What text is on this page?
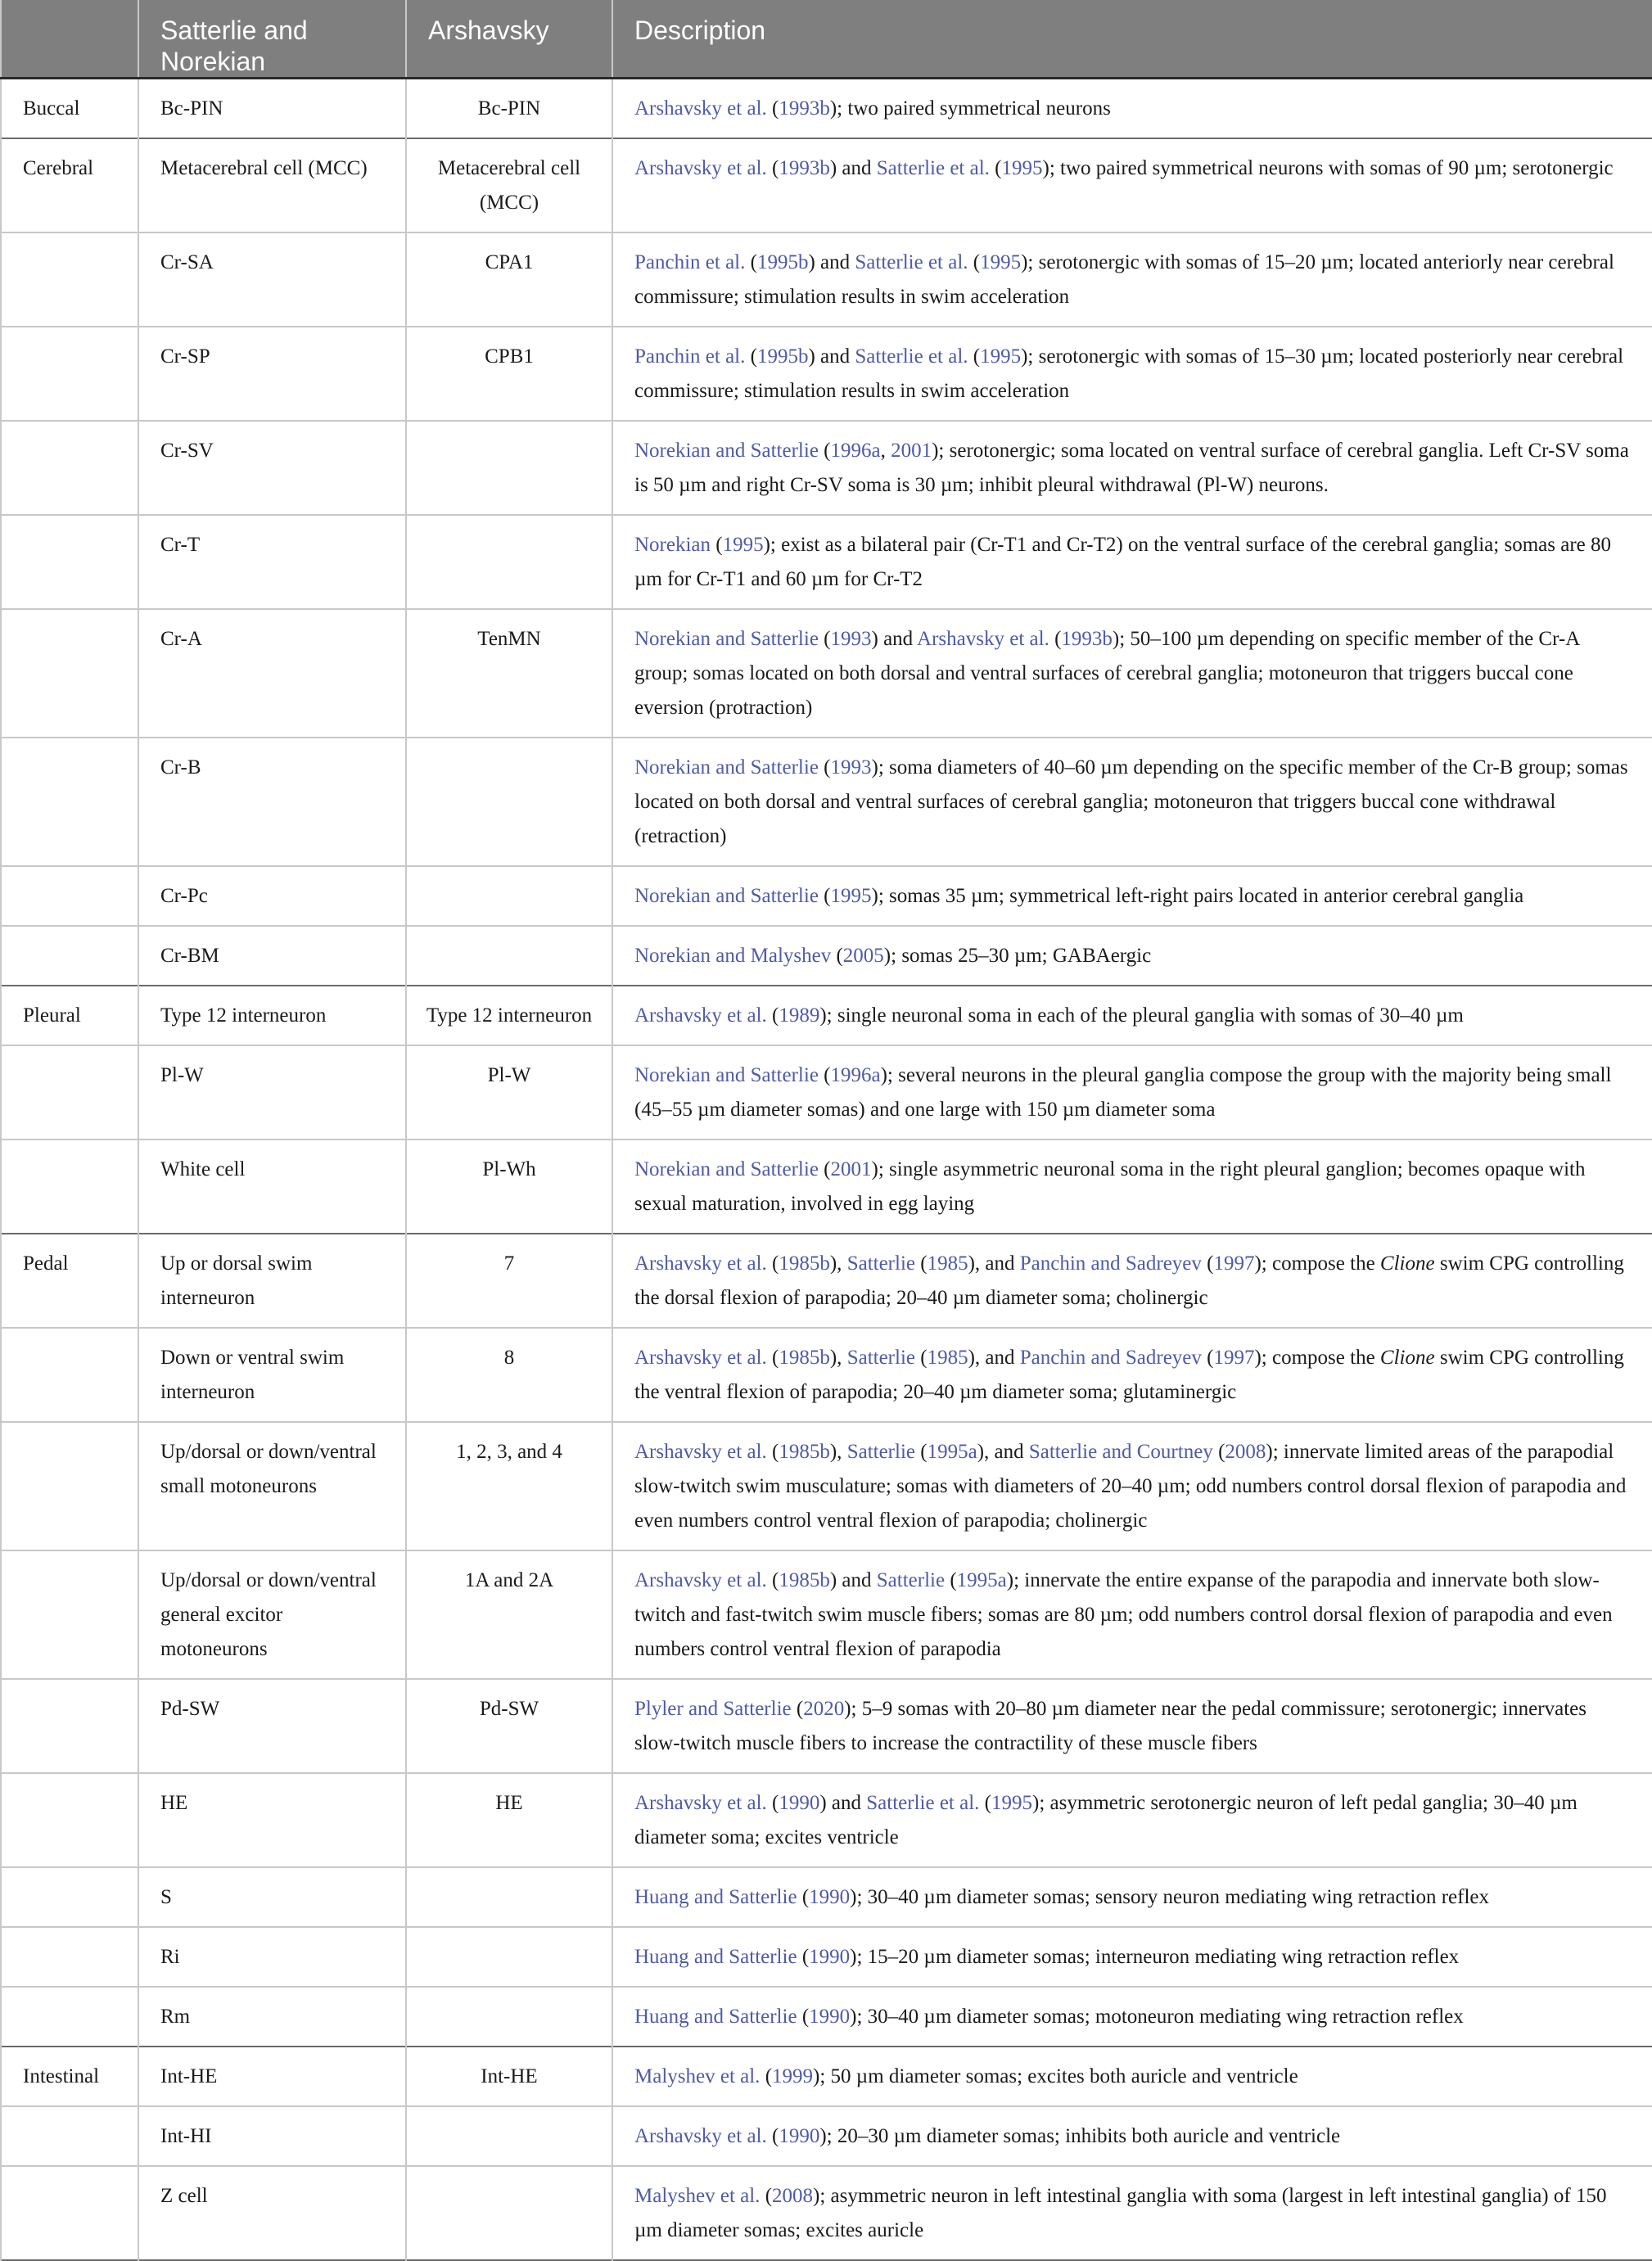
	Satterlie and Norekian	Arshavsky	Description
Buccal	Bc-PIN	Bc-PIN	Arshavsky et al. (1993b); two paired symmetrical neurons
Cerebral	Metacerebral cell (MCC)	Metacerebral cell (MCC)	Arshavsky et al. (1993b) and Satterlie et al. (1995); two paired symmetrical neurons with somas of 90 µm; serotonergic
	Cr-SA	CPA1	Panchin et al. (1995b) and Satterlie et al. (1995); serotonergic with somas of 15–20 µm; located anteriorly near cerebral commissure; stimulation results in swim acceleration
	Cr-SP	CPB1	Panchin et al. (1995b) and Satterlie et al. (1995); serotonergic with somas of 15–30 µm; located posteriorly near cerebral commissure; stimulation results in swim acceleration
	Cr-SV		Norekian and Satterlie (1996a, 2001); serotonergic; soma located on ventral surface of cerebral ganglia. Left Cr-SV soma is 50 µm and right Cr-SV soma is 30 µm; inhibit pleural withdrawal (Pl-W) neurons.
	Cr-T		Norekian (1995); exist as a bilateral pair (Cr-T1 and Cr-T2) on the ventral surface of the cerebral ganglia; somas are 80 µm for Cr-T1 and 60 µm for Cr-T2
	Cr-A	TenMN	Norekian and Satterlie (1993) and Arshavsky et al. (1993b); 50–100 µm depending on specific member of the Cr-A group; somas located on both dorsal and ventral surfaces of cerebral ganglia; motoneuron that triggers buccal cone eversion (protraction)
	Cr-B		Norekian and Satterlie (1993); soma diameters of 40–60 µm depending on the specific member of the Cr-B group; somas located on both dorsal and ventral surfaces of cerebral ganglia; motoneuron that triggers buccal cone withdrawal (retraction)
	Cr-Pc		Norekian and Satterlie (1995); somas 35 µm; symmetrical left-right pairs located in anterior cerebral ganglia
	Cr-BM		Norekian and Malyshev (2005); somas 25–30 µm; GABAergic
Pleural	Type 12 interneuron	Type 12 interneuron	Arshavsky et al. (1989); single neuronal soma in each of the pleural ganglia with somas of 30–40 µm
	Pl-W	Pl-W	Norekian and Satterlie (1996a); several neurons in the pleural ganglia compose the group with the majority being small (45–55 µm diameter somas) and one large with 150 µm diameter soma
	White cell	Pl-Wh	Norekian and Satterlie (2001); single asymmetric neuronal soma in the right pleural ganglion; becomes opaque with sexual maturation, involved in egg laying
Pedal	Up or dorsal swim interneuron	7	Arshavsky et al. (1985b), Satterlie (1985), and Panchin and Sadreyev (1997); compose the Clione swim CPG controlling the dorsal flexion of parapodia; 20–40 µm diameter soma; cholinergic
	Down or ventral swim interneuron	8	Arshavsky et al. (1985b), Satterlie (1985), and Panchin and Sadreyev (1997); compose the Clione swim CPG controlling the ventral flexion of parapodia; 20–40 µm diameter soma; glutaminergic
	Up/dorsal or down/ventral small motoneurons	1, 2, 3, and 4	Arshavsky et al. (1985b), Satterlie (1995a), and Satterlie and Courtney (2008); innervate limited areas of the parapodial slow-twitch swim musculature; somas with diameters of 20–40 µm; odd numbers control dorsal flexion of parapodia and even numbers control ventral flexion of parapodia; cholinergic
	Up/dorsal or down/ventral general excitor motoneurons	1A and 2A	Arshavsky et al. (1985b) and Satterlie (1995a); innervate the entire expanse of the parapodia and innervate both slow-twitch and fast-twitch swim muscle fibers; somas are 80 µm; odd numbers control dorsal flexion of parapodia and even numbers control ventral flexion of parapodia
	Pd-SW	Pd-SW	Plyler and Satterlie (2020); 5–9 somas with 20–80 µm diameter near the pedal commissure; serotonergic; innervates slow-twitch muscle fibers to increase the contractility of these muscle fibers
	HE	HE	Arshavsky et al. (1990) and Satterlie et al. (1995); asymmetric serotonergic neuron of left pedal ganglia; 30–40 µm diameter soma; excites ventricle
	S		Huang and Satterlie (1990); 30–40 µm diameter somas; sensory neuron mediating wing retraction reflex
	Ri		Huang and Satterlie (1990); 15–20 µm diameter somas; interneuron mediating wing retraction reflex
	Rm		Huang and Satterlie (1990); 30–40 µm diameter somas; motoneuron mediating wing retraction reflex
Intestinal	Int-HE	Int-HE	Malyshev et al. (1999); 50 µm diameter somas; excites both auricle and ventricle
	Int-HI		Arshavsky et al. (1990); 20–30 µm diameter somas; inhibits both auricle and ventricle
	Z cell		Malyshev et al. (2008); asymmetric neuron in left intestinal ganglia with soma (largest in left intestinal ganglia) of 150 µm diameter somas; excites auricle
